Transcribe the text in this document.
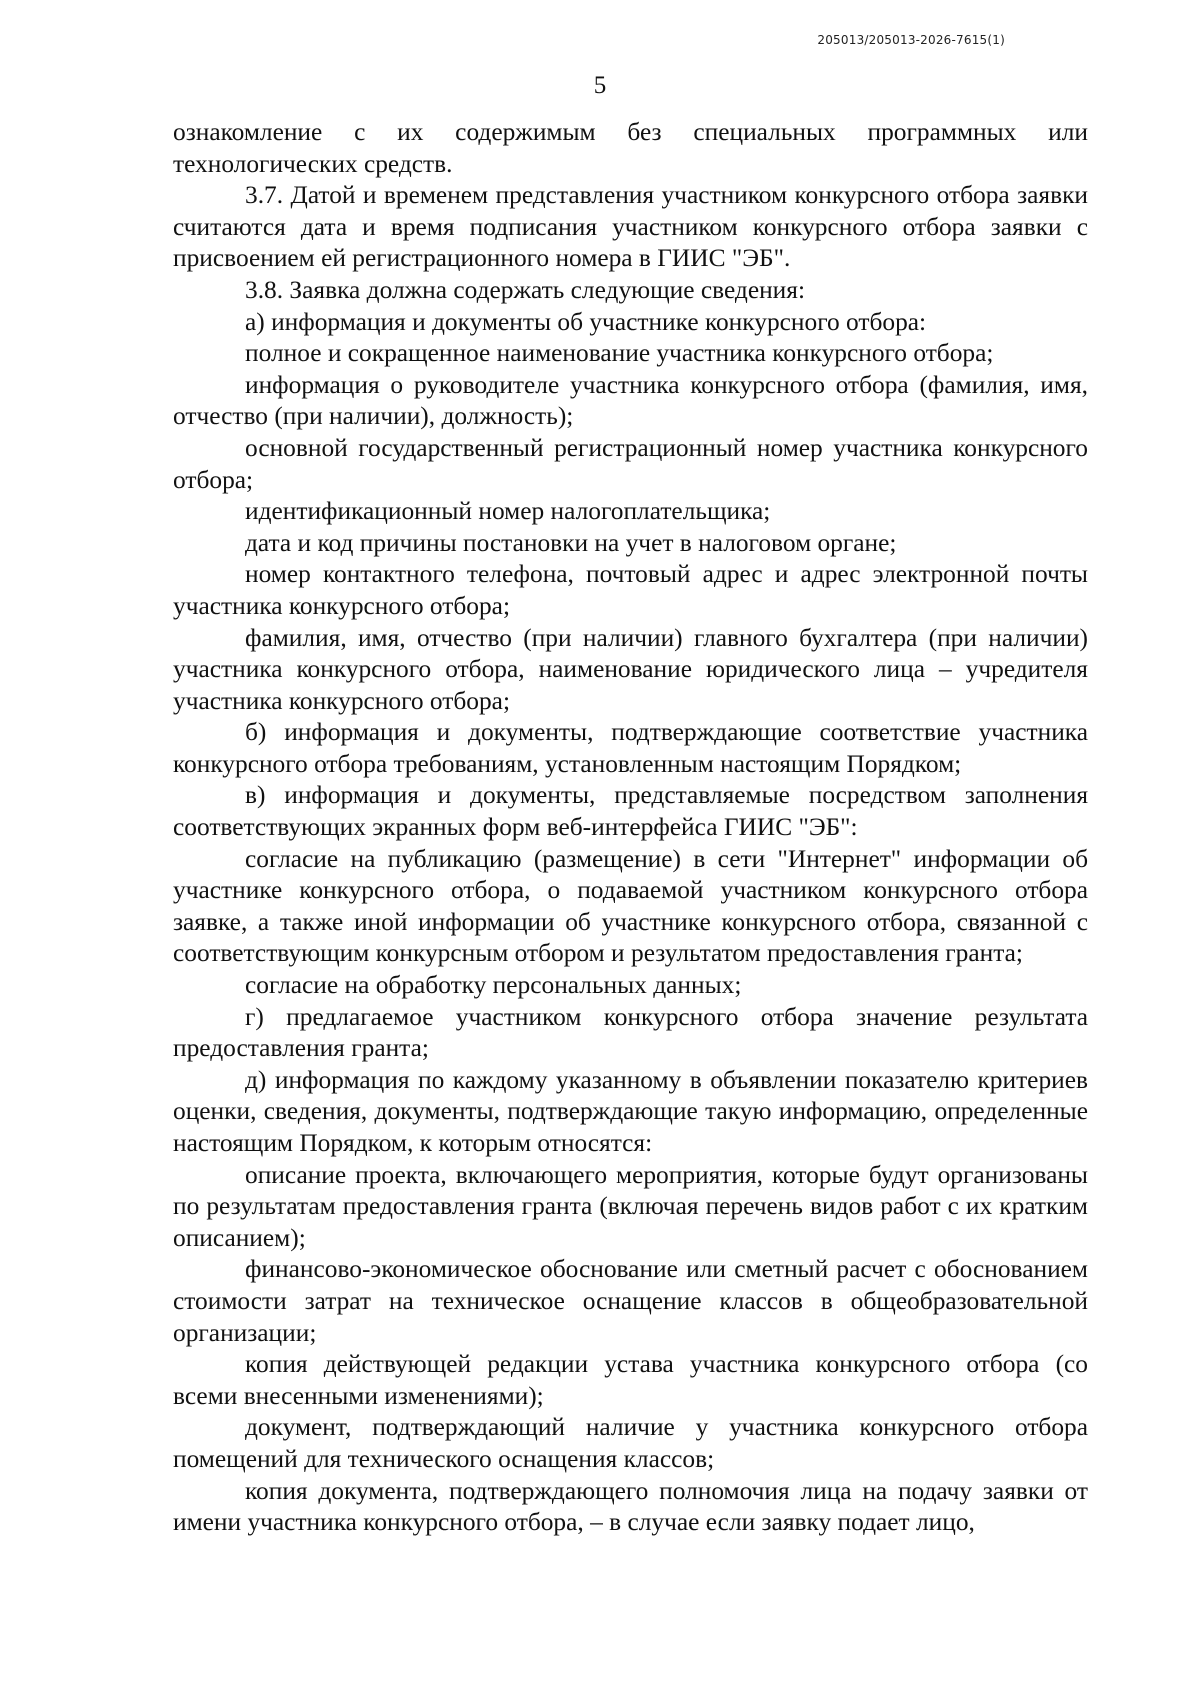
205013/205013-2026-7615(1)
5

ознакомление с их содержимым без специальных программных или технологических средств.

3.7. Датой и временем представления участником конкурсного отбора заявки считаются дата и время подписания участником конкурсного отбора заявки с присвоением ей регистрационного номера в ГИИС "ЭБ".

3.8. Заявка должна содержать следующие сведения:

а) информация и документы об участнике конкурсного отбора:

полное и сокращенное наименование участника конкурсного отбора;

информация о руководителе участника конкурсного отбора (фамилия, имя, отчество (при наличии), должность);

основной государственный регистрационный номер участника конкурсного отбора;

идентификационный номер налогоплательщика;

дата и код причины постановки на учет в налоговом органе;

номер контактного телефона, почтовый адрес и адрес электронной почты участника конкурсного отбора;

фамилия, имя, отчество (при наличии) главного бухгалтера (при наличии) участника конкурсного отбора, наименование юридического лица – учредителя участника конкурсного отбора;

б) информация и документы, подтверждающие соответствие участника конкурсного отбора требованиям, установленным настоящим Порядком;

в) информация и документы, представляемые посредством заполнения соответствующих экранных форм веб-интерфейса ГИИС "ЭБ":

согласие на публикацию (размещение) в сети "Интернет" информации об участнике конкурсного отбора, о подаваемой участником конкурсного отбора заявке, а также иной информации об участнике конкурсного отбора, связанной с соответствующим конкурсным отбором и результатом предоставления гранта;

согласие на обработку персональных данных;

г) предлагаемое участником конкурсного отбора значение результата предоставления гранта;

д) информация по каждому указанному в объявлении показателю критериев оценки, сведения, документы, подтверждающие такую информацию, определенные настоящим Порядком, к которым относятся:

описание проекта, включающего мероприятия, которые будут организованы по результатам предоставления гранта (включая перечень видов работ с их кратким описанием);

финансово-экономическое обоснование или сметный расчет с обоснованием стоимости затрат на техническое оснащение классов в общеобразовательной организации;

копия действующей редакции устава участника конкурсного отбора (со всеми внесенными изменениями);

документ, подтверждающий наличие у участника конкурсного отбора помещений для технического оснащения классов;

копия документа, подтверждающего полномочия лица на подачу заявки от имени участника конкурсного отбора, – в случае если заявку подает лицо,
